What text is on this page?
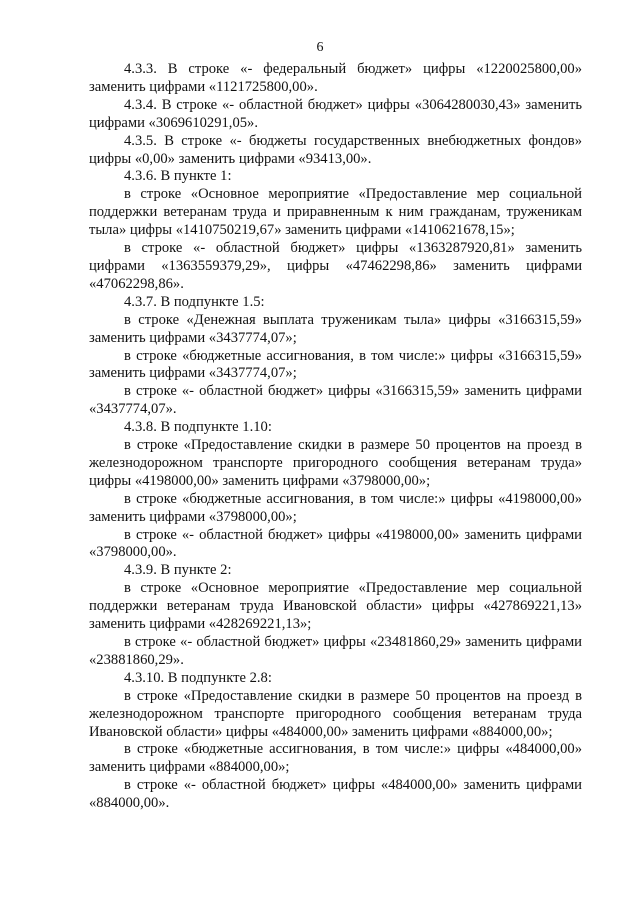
6

4.3.3. В строке «- федеральный бюджет» цифры «1220025800,00» заменить цифрами «1121725800,00».

4.3.4. В строке «- областной бюджет» цифры «3064280030,43» заменить цифрами «3069610291,05».

4.3.5. В строке «- бюджеты государственных внебюджетных фондов» цифры «0,00» заменить цифрами «93413,00».

4.3.6. В пункте 1:

в строке «Основное мероприятие «Предоставление мер социальной поддержки ветеранам труда и приравненным к ним гражданам, труженикам тыла» цифры «1410750219,67» заменить цифрами «1410621678,15»;

в строке «- областной бюджет» цифры «1363287920,81» заменить цифрами «1363559379,29», цифры «47462298,86» заменить цифрами «47062298,86».

4.3.7. В подпункте 1.5:

в строке «Денежная выплата труженикам тыла» цифры «3166315,59» заменить цифрами «3437774,07»;

в строке «бюджетные ассигнования, в том числе:» цифры «3166315,59» заменить цифрами «3437774,07»;

в строке «- областной бюджет» цифры «3166315,59» заменить цифрами «3437774,07».

4.3.8. В подпункте 1.10:

в строке «Предоставление скидки в размере 50 процентов на проезд в железнодорожном транспорте пригородного сообщения ветеранам труда» цифры «4198000,00» заменить цифрами «3798000,00»;

в строке «бюджетные ассигнования, в том числе:» цифры «4198000,00» заменить цифрами «3798000,00»;

в строке «- областной бюджет» цифры «4198000,00» заменить цифрами «3798000,00».

4.3.9. В пункте 2:

в строке «Основное мероприятие «Предоставление мер социальной поддержки ветеранам труда Ивановской области» цифры «427869221,13» заменить цифрами «428269221,13»;

в строке «- областной бюджет» цифры «23481860,29» заменить цифрами «23881860,29».

4.3.10. В подпункте 2.8:

в строке «Предоставление скидки в размере 50 процентов на проезд в железнодорожном транспорте пригородного сообщения ветеранам труда Ивановской области» цифры «484000,00» заменить цифрами «884000,00»;

в строке «бюджетные ассигнования, в том числе:» цифры «484000,00» заменить цифрами «884000,00»;

в строке «- областной бюджет» цифры «484000,00» заменить цифрами «884000,00».
